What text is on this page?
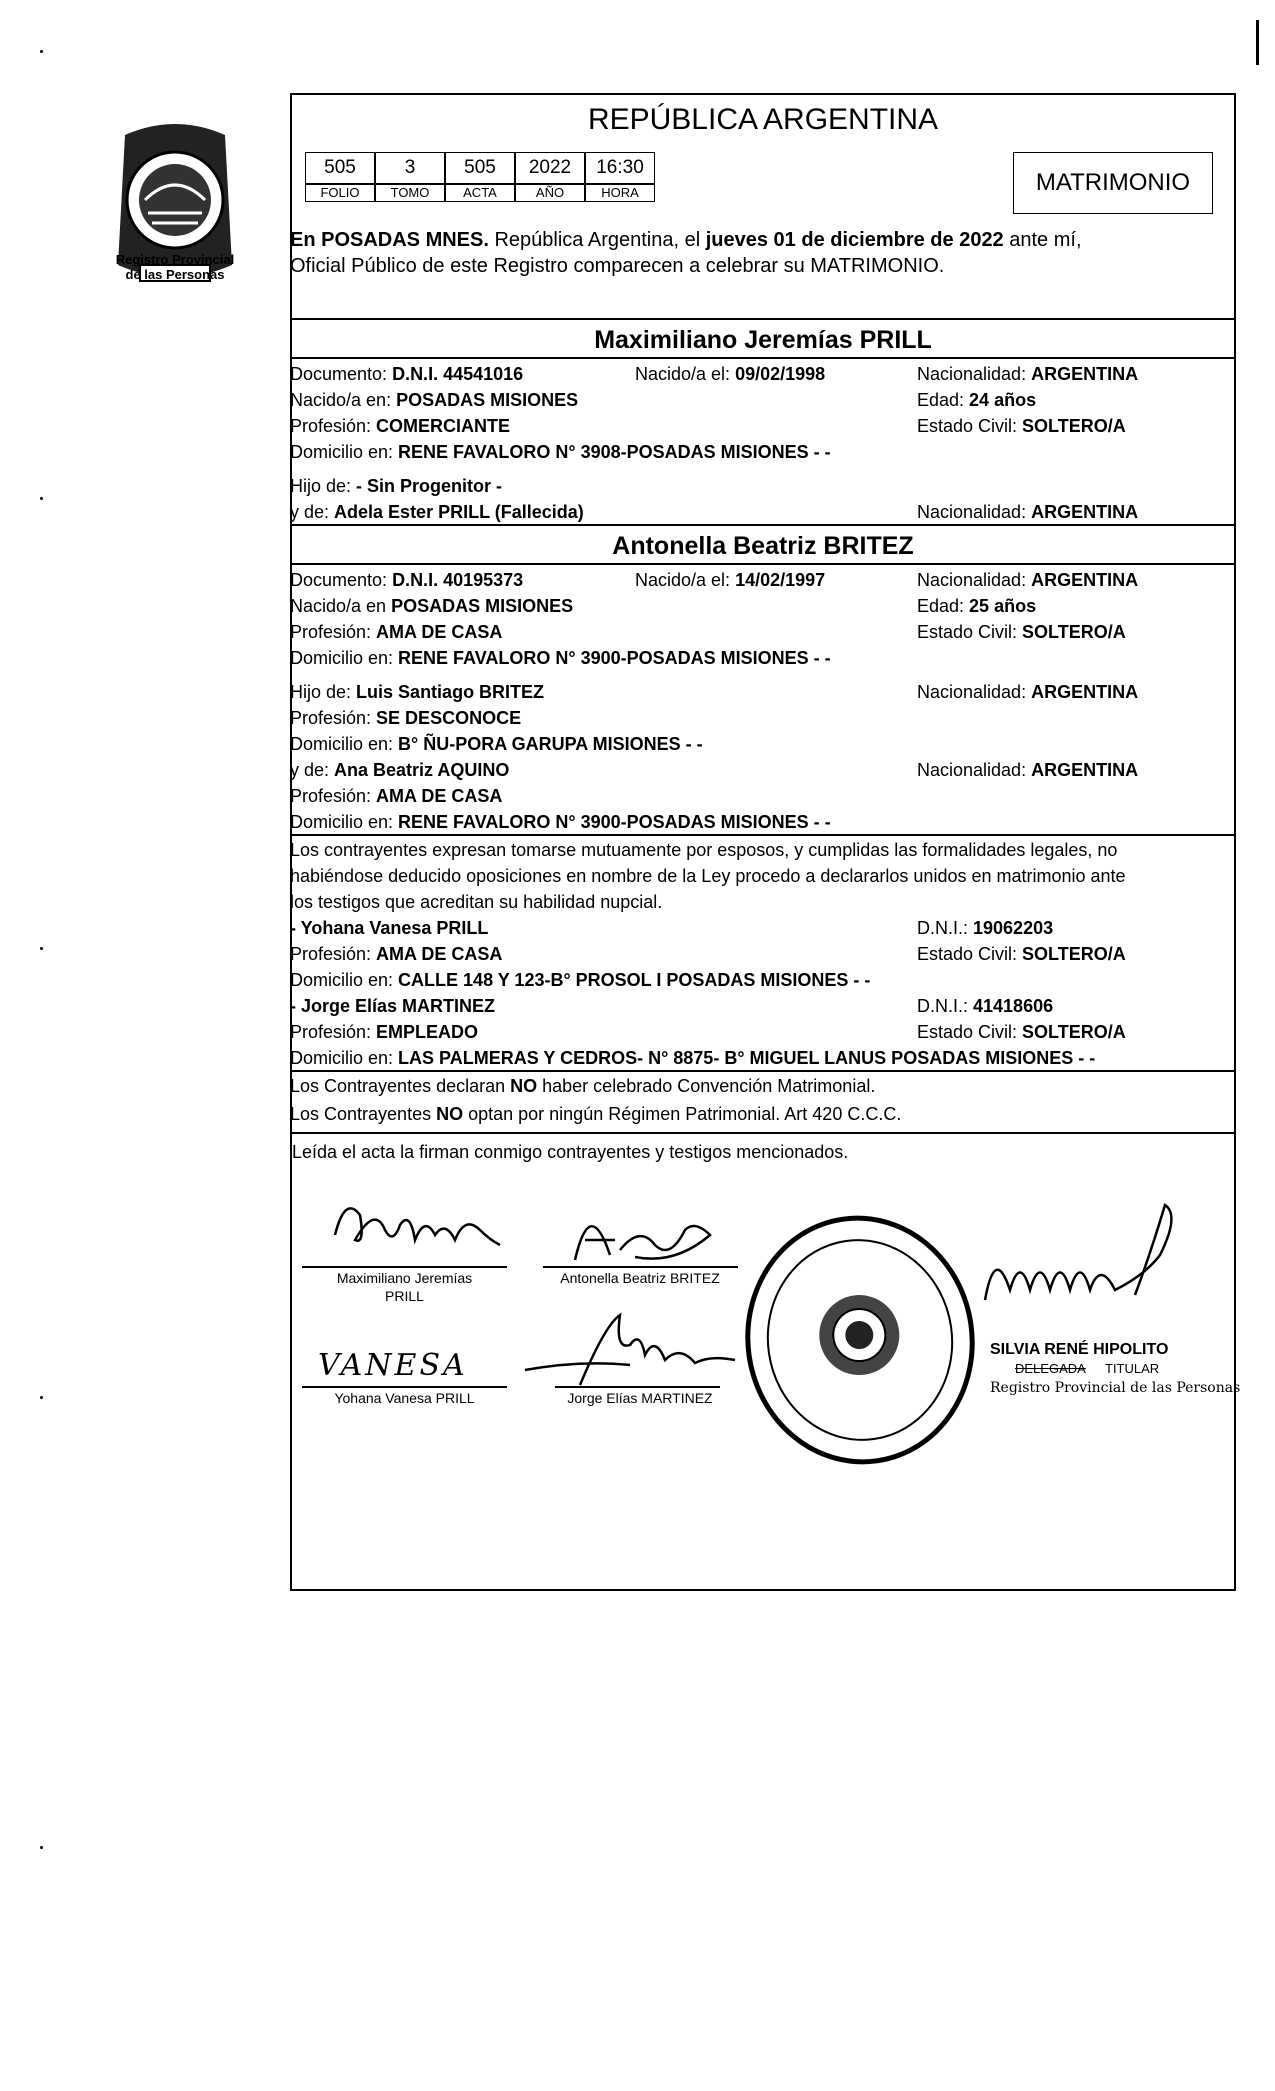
Registro Provincial
de las Personas
REPÚBLICA ARGENTINA
505	3	505	2022	16:30
FOLIO	TOMO	ACTA	AÑO	HORA	MATRIMONIO
En POSADAS MNES. República Argentina, el jueves 01 de diciembre de 2022 ante mí,
Oficial Público de este Registro comparecen a celebrar su MATRIMONIO.
Maximiliano Jeremías PRILL
Documento: D.N.I. 44541016	Nacido/a el: 09/02/1998	Nacionalidad: ARGENTINA
Nacido/a en: POSADAS MISIONES	Edad: 24 años
Profesión: COMERCIANTE	Estado Civil: SOLTERO/A
Domicilio en: RENE FAVALORO N° 3908-POSADAS MISIONES - -
Hijo de: - Sin Progenitor -
y de: Adela Ester PRILL (Fallecida)	Nacionalidad: ARGENTINA
Antonella Beatriz BRITEZ
Documento: D.N.I. 40195373	Nacido/a el: 14/02/1997	Nacionalidad: ARGENTINA
Nacido/a en POSADAS MISIONES	Edad: 25 años
Profesión: AMA DE CASA	Estado Civil: SOLTERO/A
Domicilio en: RENE FAVALORO N° 3900-POSADAS MISIONES - -
Hijo de: Luis Santiago BRITEZ	Nacionalidad: ARGENTINA
Profesión: SE DESCONOCE
Domicilio en: B° ÑU-PORA GARUPA MISIONES - -
y de: Ana Beatriz AQUINO	Nacionalidad: ARGENTINA
Profesión: AMA DE CASA
Domicilio en: RENE FAVALORO N° 3900-POSADAS MISIONES - -
Los contrayentes expresan tomarse mutuamente por esposos, y cumplidas las formalidades legales, no
habiéndose deducido oposiciones en nombre de la Ley procedo a declararlos unidos en matrimonio ante
los testigos que acreditan su habilidad nupcial.
- Yohana Vanesa PRILL	D.N.I.: 19062203
Profesión: AMA DE CASA	Estado Civil: SOLTERO/A
Domicilio en: CALLE 148 Y 123-B° PROSOL I POSADAS MISIONES - -
- Jorge Elías MARTINEZ	D.N.I.: 41418606
Profesión: EMPLEADO	Estado Civil: SOLTERO/A
Domicilio en: LAS PALMERAS Y CEDROS- N° 8875- B° MIGUEL LANUS POSADAS MISIONES - -
Los Contrayentes declaran NO haber celebrado Convención Matrimonial.
Los Contrayentes NO optan por ningún Régimen Patrimonial. Art 420 C.C.C.
Leída el acta la firman conmigo contrayentes y testigos mencionados.
Maximiliano Jeremías
PRILL
Antonella Beatriz BRITEZ
VANESA
Yohana Vanesa PRILL	Jorge Elías MARTINEZ
SILVIA RENÉ HIPOLITO
DELEGADA TITULAR
Registro Provincial de las Personas
